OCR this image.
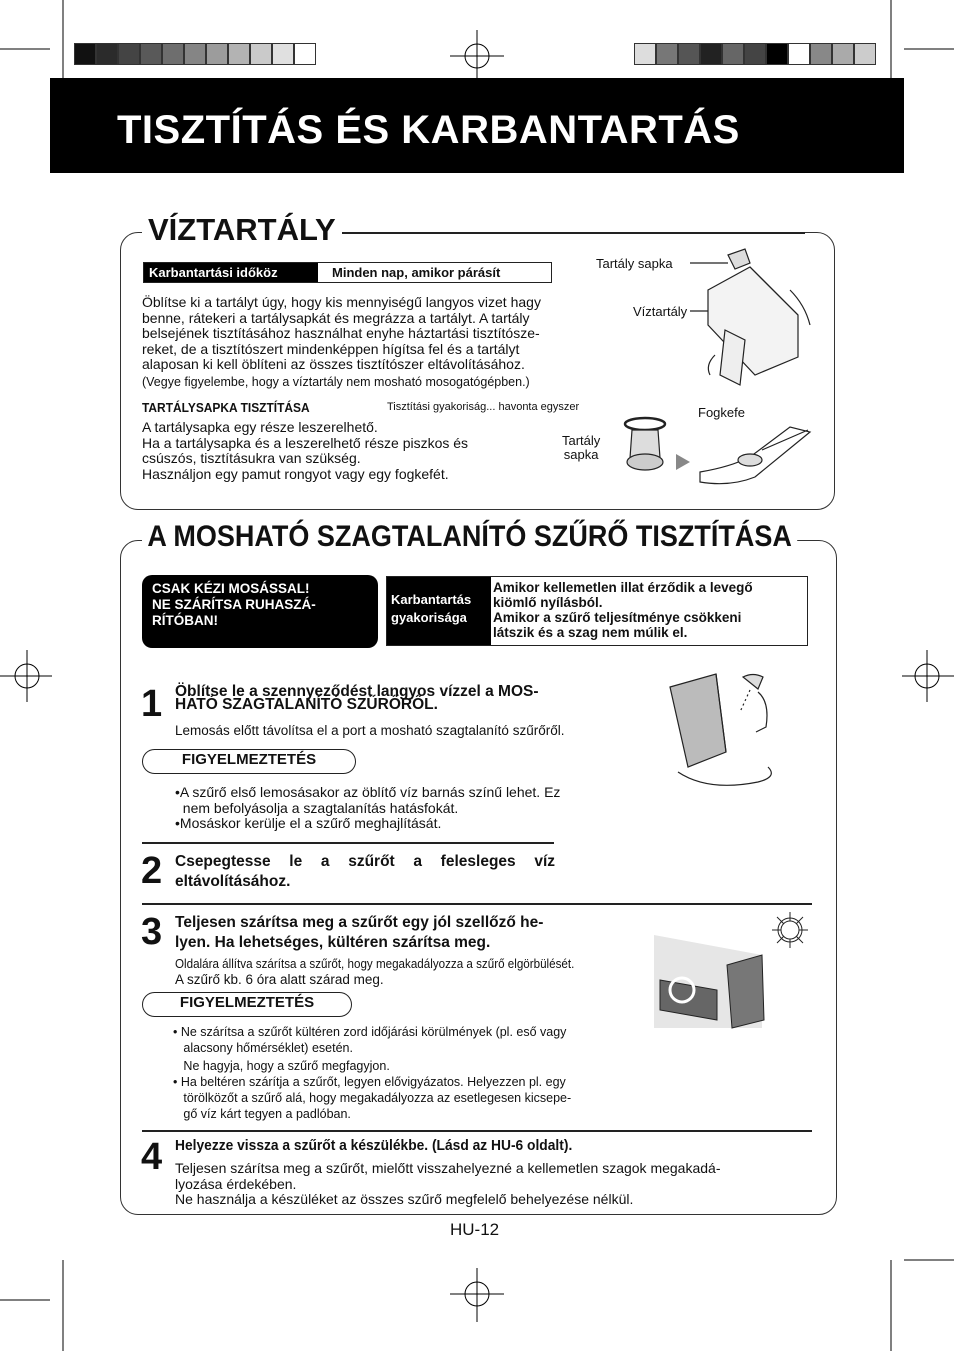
TISZTÍTÁS ÉS KARBANTARTÁS
VÍZTARTÁLY
Karbantartási időköz	Minden nap, amikor párásít
Öblítse ki a tartályt úgy, hogy kis mennyiségű langyos vizet hagy
benne, rátekeri a tartálysapkát és megrázza a tartályt. A tartály
belsejének tisztításához használhat enyhe háztartási tisztítósze-
reket, de a tisztítószert mindenképpen hígítsa fel és a tartályt
alaposan ki kell öblíteni az összes tisztítószer eltávolításához.
(Vegye figyelembe, hogy a víztartály nem mosható mosogatógépben.)
TARTÁLYSAPKA TISZTÍTÁSA	Tisztítási gyakoriság... havonta egyszer
A tartálysapka egy része leszerelhető.
Ha a tartálysapka és a leszerelhető része piszkos és
csúszós, tisztításukra van szükség.
Használjon egy pamut rongyot vagy egy fogkefét.
Tartály sapka
Víztartály
Fogkefe
Tartály
sapka
A MOSHATÓ SZAGTALANÍTÓ SZŰRŐ TISZTÍTÁSA
CSAK KÉZI MOSÁSSAL!
NE SZÁRÍTSA RUHASZÁ-
RÍTÓBAN!
Karbantartás
gyakorisága
Amikor kellemetlen illat érződik a levegő
kiömlő nyílásból.
Amikor a szűrő teljesítménye csökkeni
látszik és a szag nem múlik el.
1 Öblítse le a szennyeződést langyos vízzel a MOS-
HATÓ SZAGTALANÍTÓ SZŰRŐRŐL.
Lemosás előtt távolítsa el a port a mosható szagtalanító szűrőről.
FIGYELMEZTETÉS
•A szűrő első lemosásakor az öblítő víz barnás színű lehet. Ez
nem befolyásolja a szagtalanítás hatásfokát.
•Mosáskor kerülje el a szűrő meghajlítását.
2 Csepegtesse le a szűrőt a felesleges víz
eltávolításához.
3 Teljesen szárítsa meg a szűrőt egy jól szellőző he-
lyen. Ha lehetséges, kültéren szárítsa meg.
Oldalára állítva szárítsa a szűrőt, hogy megakadályozza a szűrő elgörbülését.
A szűrő kb. 6 óra alatt szárad meg.
FIGYELMEZTETÉS
• Ne szárítsa a szűrőt kültéren zord időjárási körülmények (pl. eső vagy
alacsony hőmérséklet) esetén.
Ne hagyja, hogy a szűrő megfagyjon.
• Ha beltéren szárítja a szűrőt, legyen elővigyázatos. Helyezzen pl. egy
törölközőt a szűrő alá, hogy megakadályozza az esetlegesen kicsepe-
gő víz kárt tegyen a padlóban.
4 Helyezze vissza a szűrőt a készülékbe. (Lásd az HU-6 oldalt).
Teljesen szárítsa meg a szűrőt, mielőtt visszahelyezné a kellemetlen szagok megakadá-
lyozása érdekében.
Ne használja a készüléket az összes szűrő megfelelő behelyezése nélkül.
HU-12
